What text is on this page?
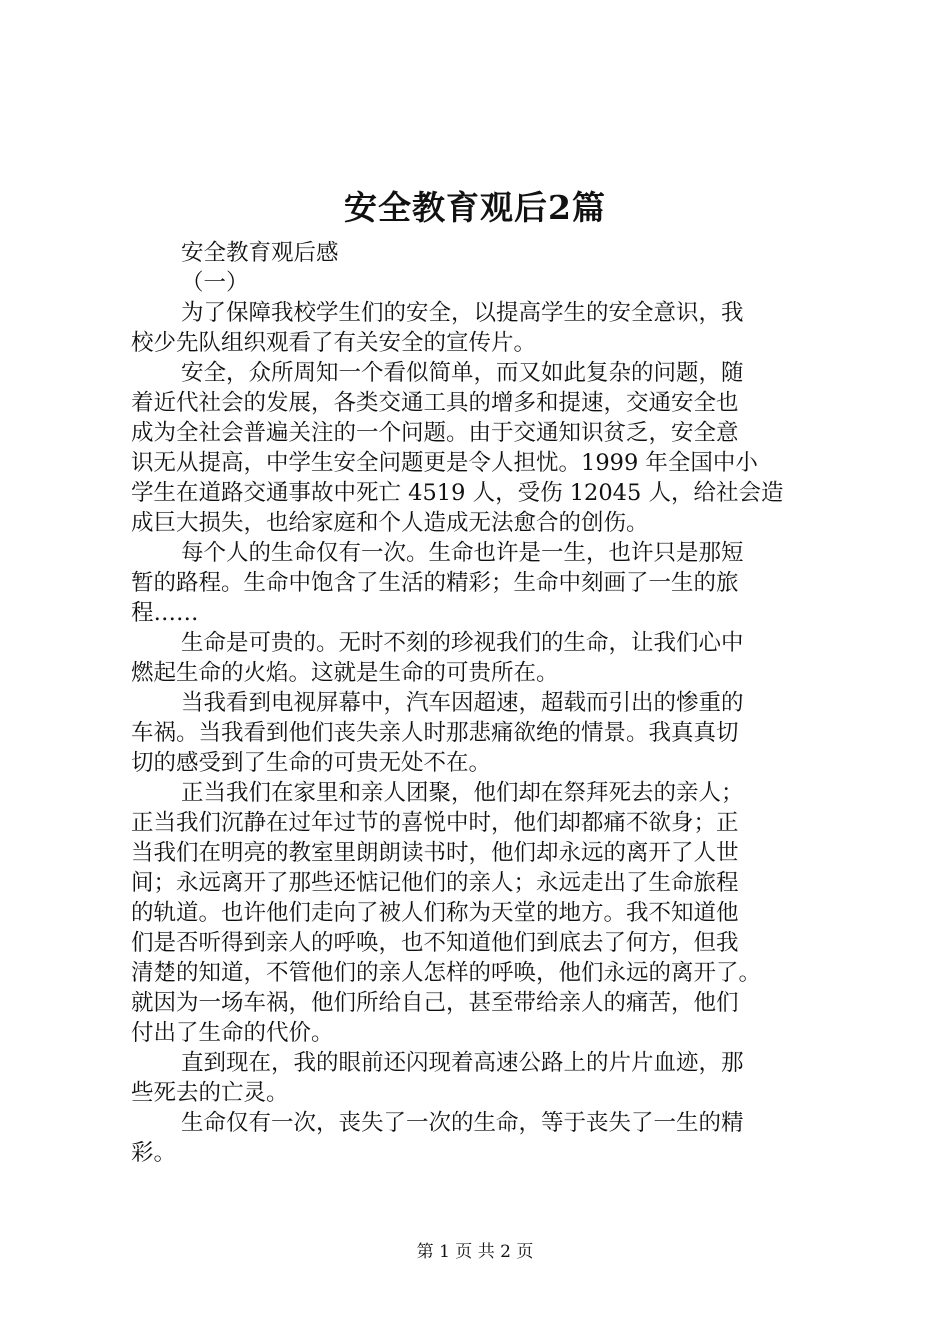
安全教育观后2篇
安全教育观后感
（一）
为了保障我校学生们的安全，以提高学生的安全意识，我
校少先队组织观看了有关安全的宣传片。
安全，众所周知一个看似简单，而又如此复杂的问题，随
着近代社会的发展，各类交通工具的增多和提速，交通安全也
成为全社会普遍关注的一个问题。由于交通知识贫乏，安全意
识无从提高，中学生安全问题更是令人担忧。1999 年全国中小
学生在道路交通事故中死亡 4519 人，受伤 12045 人，给社会造
成巨大损失，也给家庭和个人造成无法愈合的创伤。
每个人的生命仅有一次。生命也许是一生，也许只是那短
暂的路程。生命中饱含了生活的精彩；生命中刻画了一生的旅
程……
生命是可贵的。无时不刻的珍视我们的生命，让我们心中
燃起生命的火焰。这就是生命的可贵所在。
当我看到电视屏幕中，汽车因超速，超载而引出的惨重的
车祸。当我看到他们丧失亲人时那悲痛欲绝的情景。我真真切
切的感受到了生命的可贵无处不在。
正当我们在家里和亲人团聚，他们却在祭拜死去的亲人；
正当我们沉静在过年过节的喜悦中时，他们却都痛不欲身；正
当我们在明亮的教室里朗朗读书时，他们却永远的离开了人世
间；永远离开了那些还惦记他们的亲人；永远走出了生命旅程
的轨道。也许他们走向了被人们称为天堂的地方。我不知道他
们是否听得到亲人的呼唤，也不知道他们到底去了何方，但我
清楚的知道，不管他们的亲人怎样的呼唤，他们永远的离开了。
就因为一场车祸，他们所给自己，甚至带给亲人的痛苦，他们
付出了生命的代价。
直到现在，我的眼前还闪现着高速公路上的片片血迹，那
些死去的亡灵。
生命仅有一次，丧失了一次的生命，等于丧失了一生的精
彩。
第 1 页 共 2 页
